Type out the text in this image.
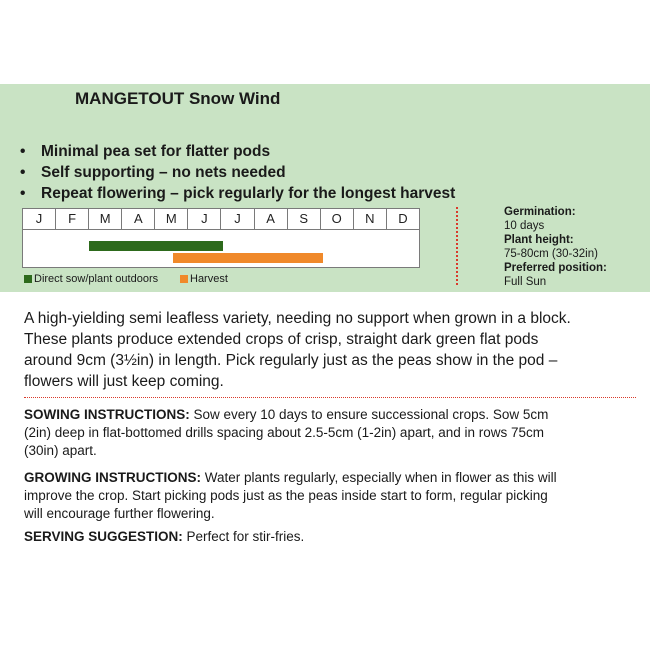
MANGETOUT Snow Wind
• Minimal pea set for flatter pods
• Self supporting – no nets needed
• Repeat flowering – pick regularly for the longest harvest
J	F	M	A	M	J	J	A	S	O	N	D
Direct sow/plant outdoors	Harvest
Germination:
10 days
Plant height:
75-80cm (30-32in)
Preferred position:
Full Sun

A high-yielding semi leafless variety, needing no support when grown in a block.
These plants produce extended crops of crisp, straight dark green flat pods
around 9cm (3½in) in length. Pick regularly just as the peas show in the pod –
flowers will just keep coming.

SOWING INSTRUCTIONS: Sow every 10 days to ensure successional crops. Sow 5cm
(2in) deep in flat-bottomed drills spacing about 2.5-5cm (1-2in) apart, and in rows 75cm
(30in) apart.

GROWING INSTRUCTIONS: Water plants regularly, especially when in flower as this will
improve the crop. Start picking pods just as the peas inside start to form, regular picking
will encourage further flowering.

SERVING SUGGESTION: Perfect for stir-fries.
